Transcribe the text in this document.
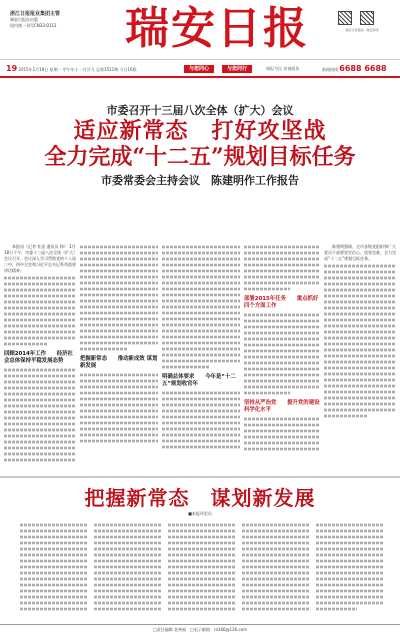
浙江日报报业集团主管
瑞安日报社出版
国内统一刊号CN33-0112	瑞安日报	瑞安日报微信 · 瑞安新闻
19 2015年1月19日 星期一 甲午年十一月廿九 总第3511期 今日16版	与您同心	与您同行	瑞报为民 真诚服务	新闻热线 6688 6688
市委召开十三届八次全体（扩大）会议
适应新常态　打好攻坚战
全力完成“十二五”规划目标任务
市委常委会主持会议　陈建明作工作报告
本报讯（记者 杜思 通讯员 林） 1月18日下午，市委十三届八次全体（扩大）会议召开。会议深入学习贯彻党的十八届三中、四中全会和习近平总书记系列重要讲话精神。
回顾2014年工作　　经济社会总体保持平稳发展态势	把握新常态　　推动新成效 谋划新发展
明确总体要求　　今年是“十二五”规划收官年
部署2015年任务　　重点抓好四个方面工作
坚持从严治党　　提升党的建设科学化水平
陈建明强调，全市各级党组织和广大党员干部要坚定信心、攻坚克难，全力完成“十二五”规划目标任务。
把握新常态　谋划新发展
■本报评论员
□责任编辑 金善福　□电子邮箱：ra166@126.com
